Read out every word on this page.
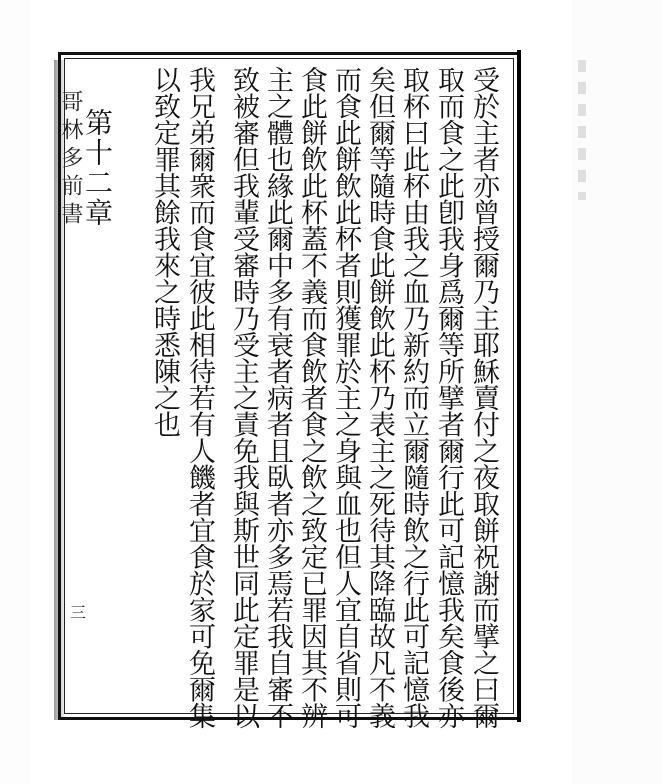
哥林多前書	受於主者亦曾授爾乃主耶穌賣付之夜取餅祝謝而擘之曰爾
取而食之此卽我身爲爾等所擘者爾行此可記憶我矣食後亦
取杯曰此杯由我之血乃新約而立爾隨時飲之行此可記憶我
矣但爾等隨時食此餅飲此杯乃表主之死待其降臨故凡不義
而食此餅飲此杯者則獲罪於主之身與血也但人宜自省則可
食此餅飲此杯蓋不義而食飲者食之飲之致定已罪因其不辨
主之體也緣此爾中多有衰者病者且臥者亦多焉若我自審不
致被審但我輩受審時乃受主之責免我與斯世同此定罪是以
我兄弟爾衆而食宜彼此相待若有人饑者宜食於家可免爾集
以致定罪其餘我來之時悉陳之也
第十二章
三
